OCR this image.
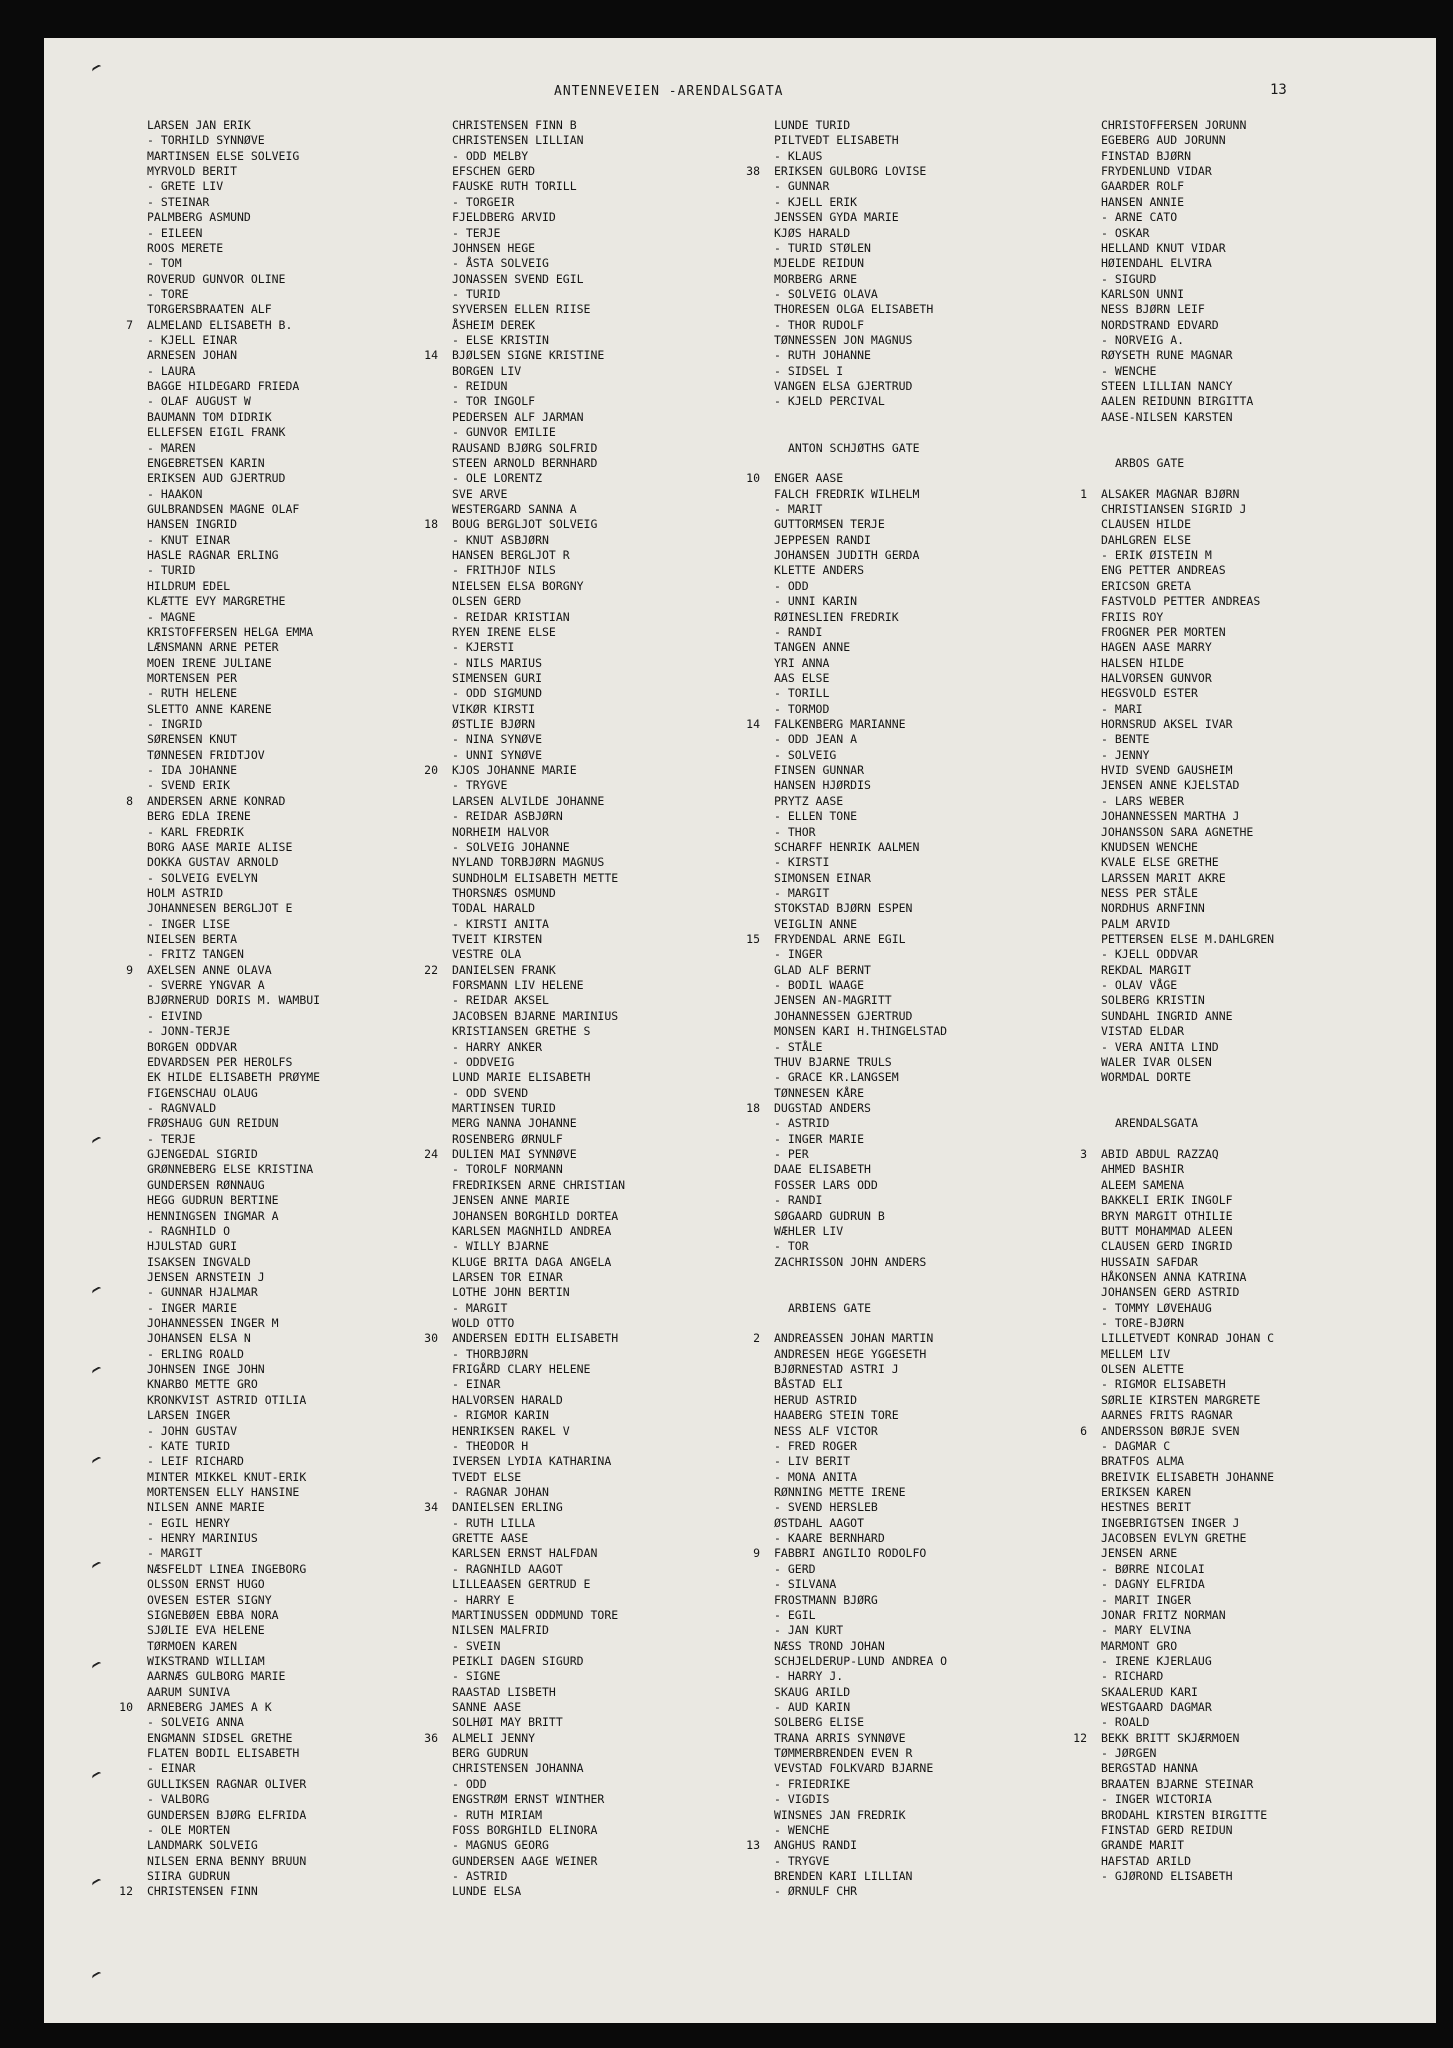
ANTENNEVEIEN -ARENDALSGATA	13
LARSEN JAN ERIK
- TORHILD SYNNØVE
MARTINSEN ELSE SOLVEIG
MYRVOLD BERIT
- GRETE LIV
- STEINAR
PALMBERG ASMUND
- EILEEN
ROOS MERETE
- TOM
ROVERUD GUNVOR OLINE
- TORE
TORGERSBRAATEN ALF
7 ALMELAND ELISABETH B.
- KJELL EINAR
ARNESEN JOHAN
- LAURA
BAGGE HILDEGARD FRIEDA
- OLAF AUGUST W
BAUMANN TOM DIDRIK
ELLEFSEN EIGIL FRANK
- MAREN
ENGEBRETSEN KARIN
ERIKSEN AUD GJERTRUD
- HAAKON
GULBRANDSEN MAGNE OLAF
HANSEN INGRID
- KNUT EINAR
HASLE RAGNAR ERLING
- TURID
HILDRUM EDEL
KLÆTTE EVY MARGRETHE
- MAGNE
KRISTOFFERSEN HELGA EMMA
LÆNSMANN ARNE PETER
MOEN IRENE JULIANE
MORTENSEN PER
- RUTH HELENE
SLETTO ANNE KARENE
- INGRID
SØRENSEN KNUT
TØNNESEN FRIDTJOV
- IDA JOHANNE
- SVEND ERIK
8 ANDERSEN ARNE KONRAD
BERG EDLA IRENE
- KARL FREDRIK
BORG AASE MARIE ALISE
DOKKA GUSTAV ARNOLD
- SOLVEIG EVELYN
HOLM ASTRID
JOHANNESEN BERGLJOT E
- INGER LISE
NIELSEN BERTA
- FRITZ TANGEN
9 AXELSEN ANNE OLAVA
- SVERRE YNGVAR A
BJØRNERUD DORIS M. WAMBUI
- EIVIND
- JONN-TERJE
BORGEN ODDVAR
EDVARDSEN PER HEROLFS
EK HILDE ELISABETH PRØYME
FIGENSCHAU OLAUG
- RAGNVALD
FRØSHAUG GUN REIDUN
- TERJE
GJENGEDAL SIGRID
GRØNNEBERG ELSE KRISTINA
GUNDERSEN RØNNAUG
HEGG GUDRUN BERTINE
HENNINGSEN INGMAR A
- RAGNHILD O
HJULSTAD GURI
ISAKSEN INGVALD
JENSEN ARNSTEIN J
- GUNNAR HJALMAR
- INGER MARIE
JOHANNESSEN INGER M
JOHANSEN ELSA N
- ERLING ROALD
JOHNSEN INGE JOHN
KNARBO METTE GRO
KRONKVIST ASTRID OTILIA
LARSEN INGER
- JOHN GUSTAV
- KATE TURID
- LEIF RICHARD
MINTER MIKKEL KNUT-ERIK
MORTENSEN ELLY HANSINE
NILSEN ANNE MARIE
- EGIL HENRY
- HENRY MARINIUS
- MARGIT
NÆSFELDT LINEA INGEBORG
OLSSON ERNST HUGO
OVESEN ESTER SIGNY
SIGNEBØEN EBBA NORA
SJØLIE EVA HELENE
TØRMOEN KAREN
WIKSTRAND WILLIAM
AARNÆS GULBORG MARIE
AARUM SUNIVA
10 ARNEBERG JAMES A K
- SOLVEIG ANNA
ENGMANN SIDSEL GRETHE
FLATEN BODIL ELISABETH
- EINAR
GULLIKSEN RAGNAR OLIVER
- VALBORG
GUNDERSEN BJØRG ELFRIDA
- OLE MORTEN
LANDMARK SOLVEIG
NILSEN ERNA BENNY BRUUN
SIIRA GUDRUN
12 CHRISTENSEN FINN
CHRISTENSEN FINN B
CHRISTENSEN LILLIAN
- ODD MELBY
EFSCHEN GERD
FAUSKE RUTH TORILL
- TORGEIR
FJELDBERG ARVID
- TERJE
JOHNSEN HEGE
- ÅSTA SOLVEIG
JONASSEN SVEND EGIL
- TURID
SYVERSEN ELLEN RIISE
ÅSHEIM DEREK
- ELSE KRISTIN
14 BJØLSEN SIGNE KRISTINE
BORGEN LIV
- REIDUN
- TOR INGOLF
PEDERSEN ALF JARMAN
- GUNVOR EMILIE
RAUSAND BJØRG SOLFRID
STEEN ARNOLD BERNHARD
- OLE LORENTZ
SVE ARVE
WESTERGARD SANNA A
18 BOUG BERGLJOT SOLVEIG
- KNUT ASBJØRN
HANSEN BERGLJOT R
- FRITHJOF NILS
NIELSEN ELSA BORGNY
OLSEN GERD
- REIDAR KRISTIAN
RYEN IRENE ELSE
- KJERSTI
- NILS MARIUS
SIMENSEN GURI
- ODD SIGMUND
VIKØR KIRSTI
ØSTLIE BJØRN
- NINA SYNØVE
- UNNI SYNØVE
20 KJOS JOHANNE MARIE
- TRYGVE
LARSEN ALVILDE JOHANNE
- REIDAR ASBJØRN
NORHEIM HALVOR
- SOLVEIG JOHANNE
NYLAND TORBJØRN MAGNUS
SUNDHOLM ELISABETH METTE
THORSNÆS OSMUND
TODAL HARALD
- KIRSTI ANITA
TVEIT KIRSTEN
VESTRE OLA
22 DANIELSEN FRANK
FORSMANN LIV HELENE
- REIDAR AKSEL
JACOBSEN BJARNE MARINIUS
KRISTIANSEN GRETHE S
- HARRY ANKER
- ODDVEIG
LUND MARIE ELISABETH
- ODD SVEND
MARTINSEN TURID
MERG NANNA JOHANNE
ROSENBERG ØRNULF
24 DULIEN MAI SYNNØVE
- TOROLF NORMANN
FREDRIKSEN ARNE CHRISTIAN
JENSEN ANNE MARIE
JOHANSEN BORGHILD DORTEA
KARLSEN MAGNHILD ANDREA
- WILLY BJARNE
KLUGE BRITA DAGA ANGELA
LARSEN TOR EINAR
LOTHE JOHN BERTIN
- MARGIT
WOLD OTTO
30 ANDERSEN EDITH ELISABETH
- THORBJØRN
FRIGÅRD CLARY HELENE
- EINAR
HALVORSEN HARALD
- RIGMOR KARIN
HENRIKSEN RAKEL V
- THEODOR H
IVERSEN LYDIA KATHARINA
TVEDT ELSE
- RAGNAR JOHAN
34 DANIELSEN ERLING
- RUTH LILLA
GRETTE AASE
KARLSEN ERNST HALFDAN
- RAGNHILD AAGOT
LILLEAASEN GERTRUD E
- HARRY E
MARTINUSSEN ODDMUND TORE
NILSEN MALFRID
- SVEIN
PEIKLI DAGEN SIGURD
- SIGNE
RAASTAD LISBETH
SANNE AASE
SOLHØI MAY BRITT
36 ALMELI JENNY
BERG GUDRUN
CHRISTENSEN JOHANNA
- ODD
ENGSTRØM ERNST WINTHER
- RUTH MIRIAM
FOSS BORGHILD ELINORA
- MAGNUS GEORG
GUNDERSEN AAGE WEINER
- ASTRID
LUNDE ELSA
LUNDE TURID
PILTVEDT ELISABETH
- KLAUS
38 ERIKSEN GULBORG LOVISE
- GUNNAR
- KJELL ERIK
JENSSEN GYDA MARIE
KJØS HARALD
- TURID STØLEN
MJELDE REIDUN
MORBERG ARNE
- SOLVEIG OLAVA
THORESEN OLGA ELISABETH
- THOR RUDOLF
TØNNESSEN JON MAGNUS
- RUTH JOHANNE
- SIDSEL I
VANGEN ELSA GJERTRUD
- KJELD PERCIVAL
ANTON SCHJØTHS GATE
10 ENGER AASE
FALCH FREDRIK WILHELM
- MARIT
GUTTORMSEN TERJE
JEPPESEN RANDI
JOHANSEN JUDITH GERDA
KLETTE ANDERS
- ODD
- UNNI KARIN
RØINESLIEN FREDRIK
- RANDI
TANGEN ANNE
YRI ANNA
AAS ELSE
- TORILL
- TORMOD
14 FALKENBERG MARIANNE
- ODD JEAN A
- SOLVEIG
FINSEN GUNNAR
HANSEN HJØRDIS
PRYTZ AASE
- ELLEN TONE
- THOR
SCHARFF HENRIK AALMEN
- KIRSTI
SIMONSEN EINAR
- MARGIT
STOKSTAD BJØRN ESPEN
VEIGLIN ANNE
15 FRYDENDAL ARNE EGIL
- INGER
GLAD ALF BERNT
- BODIL WAAGE
JENSEN AN-MAGRITT
JOHANNESSEN GJERTRUD
MONSEN KARI H.THINGELSTAD
- STÅLE
THUV BJARNE TRULS
- GRACE KR.LANGSEM
TØNNESEN KÅRE
18 DUGSTAD ANDERS
- ASTRID
- INGER MARIE
- PER
DAAE ELISABETH
FOSSER LARS ODD
- RANDI
SØGAARD GUDRUN B
WÆHLER LIV
- TOR
ZACHRISSON JOHN ANDERS
ARBIENS GATE
2 ANDREASSEN JOHAN MARTIN
ANDRESEN HEGE YGGESETH
BJØRNESTAD ASTRI J
BÅSTAD ELI
HERUD ASTRID
HAABERG STEIN TORE
NESS ALF VICTOR
- FRED ROGER
- LIV BERIT
- MONA ANITA
RØNNING METTE IRENE
- SVEND HERSLEB
ØSTDAHL AAGOT
- KAARE BERNHARD
9 FABBRI ANGILIO RODOLFO
- GERD
- SILVANA
FROSTMANN BJØRG
- EGIL
- JAN KURT
NÆSS TROND JOHAN
SCHJELDERUP-LUND ANDREA O
- HARRY J.
SKAUG ARILD
- AUD KARIN
SOLBERG ELISE
TRANA ARRIS SYNNØVE
TØMMERBRENDEN EVEN R
VEVSTAD FOLKVARD BJARNE
- FRIEDRIKE
- VIGDIS
WINSNES JAN FREDRIK
- WENCHE
13 ANGHUS RANDI
- TRYGVE
BRENDEN KARI LILLIAN
- ØRNULF CHR
CHRISTOFFERSEN JORUNN
EGEBERG AUD JORUNN
FINSTAD BJØRN
FRYDENLUND VIDAR
GAARDER ROLF
HANSEN ANNIE
- ARNE CATO
- OSKAR
HELLAND KNUT VIDAR
HØIENDAHL ELVIRA
- SIGURD
KARLSON UNNI
NESS BJØRN LEIF
NORDSTRAND EDVARD
- NORVEIG A.
RØYSETH RUNE MAGNAR
- WENCHE
STEEN LILLIAN NANCY
AALEN REIDUNN BIRGITTA
AASE-NILSEN KARSTEN
ARBOS GATE
1 ALSAKER MAGNAR BJØRN
CHRISTIANSEN SIGRID J
CLAUSEN HILDE
DAHLGREN ELSE
- ERIK ØISTEIN M
ENG PETTER ANDREAS
ERICSON GRETA
FASTVOLD PETTER ANDREAS
FRIIS ROY
FROGNER PER MORTEN
HAGEN AASE MARRY
HALSEN HILDE
HALVORSEN GUNVOR
HEGSVOLD ESTER
- MARI
HORNSRUD AKSEL IVAR
- BENTE
- JENNY
HVID SVEND GAUSHEIM
JENSEN ANNE KJELSTAD
- LARS WEBER
JOHANNESSEN MARTHA J
JOHANSSON SARA AGNETHE
KNUDSEN WENCHE
KVALE ELSE GRETHE
LARSSEN MARIT AKRE
NESS PER STÅLE
NORDHUS ARNFINN
PALM ARVID
PETTERSEN ELSE M.DAHLGREN
- KJELL ODDVAR
REKDAL MARGIT
- OLAV VÅGE
SOLBERG KRISTIN
SUNDAHL INGRID ANNE
VISTAD ELDAR
- VERA ANITA LIND
WALER IVAR OLSEN
WORMDAL DORTE
ARENDALSGATA
3 ABID ABDUL RAZZAQ
AHMED BASHIR
ALEEM SAMENA
BAKKELI ERIK INGOLF
BRYN MARGIT OTHILIE
BUTT MOHAMMAD ALEEN
CLAUSEN GERD INGRID
HUSSAIN SAFDAR
HÅKONSEN ANNA KATRINA
JOHANSEN GERD ASTRID
- TOMMY LØVEHAUG
- TORE-BJØRN
LILLETVEDT KONRAD JOHAN C
MELLEM LIV
OLSEN ALETTE
- RIGMOR ELISABETH
SØRLIE KIRSTEN MARGRETE
AARNES FRITS RAGNAR
6 ANDERSSON BØRJE SVEN
- DAGMAR C
BRATFOS ALMA
BREIVIK ELISABETH JOHANNE
ERIKSEN KAREN
HESTNES BERIT
INGEBRIGTSEN INGER J
JACOBSEN EVLYN GRETHE
JENSEN ARNE
- BØRRE NICOLAI
- DAGNY ELFRIDA
- MARIT INGER
JONAR FRITZ NORMAN
- MARY ELVINA
MARMONT GRO
- IRENE KJERLAUG
- RICHARD
SKAALERUD KARI
WESTGAARD DAGMAR
- ROALD
12 BEKK BRITT SKJÆRMOEN
- JØRGEN
BERGSTAD HANNA
BRAATEN BJARNE STEINAR
- INGER WICTORIA
BRODAHL KIRSTEN BIRGITTE
FINSTAD GERD REIDUN
GRANDE MARIT
HAFSTAD ARILD
- GJØROND ELISABETH
